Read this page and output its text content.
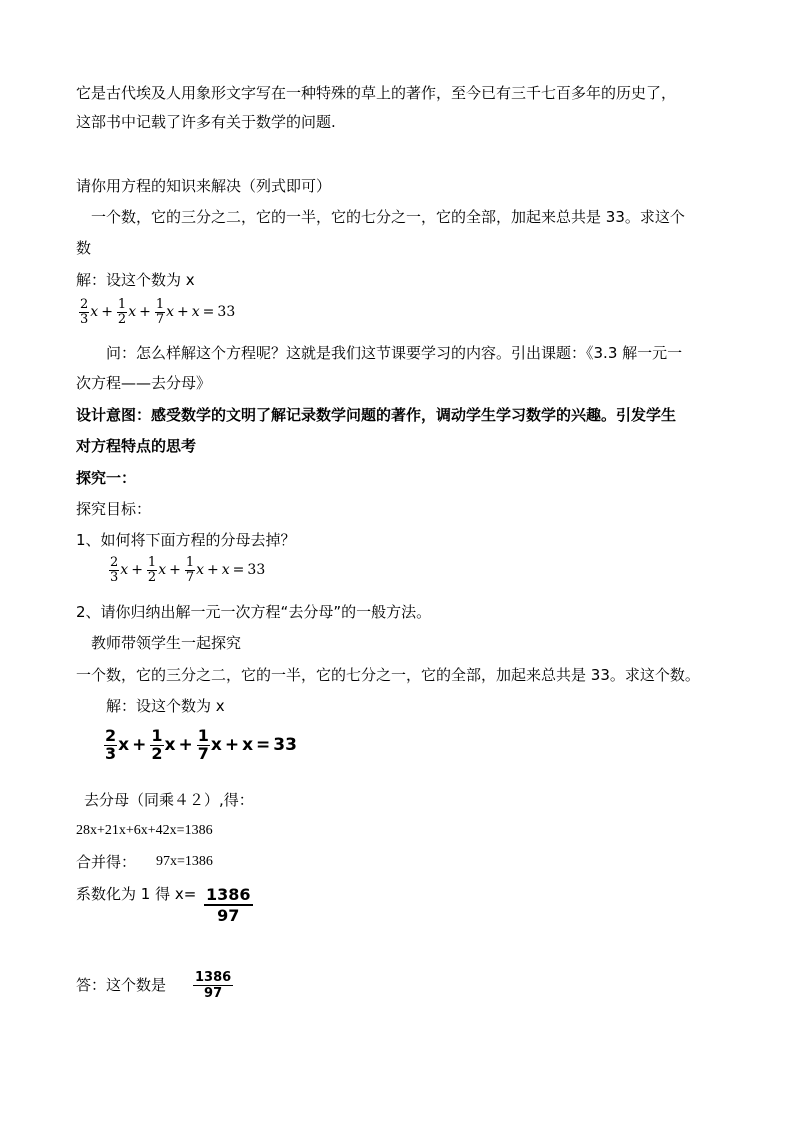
它是古代埃及人用象形文字写在一种特殊的草上的著作，至今已有三千七百多年的历史了，
这部书中记载了许多有关于数学的问题.
请你用方程的知识来解决（列式即可）
一个数，它的三分之二，它的一半，它的七分之一，它的全部，加起来总共是 33。求这个
数
解：设这个数为 x
$\frac{2}{3}$ $x + \frac{1}{2}$ $x + \frac{1}{7}$ x + x = 33
问：怎么样解这个方程呢？这就是我们这节课要学习的内容。引出课题：《3.3 解一元一
次方程——去分母》
设计意图：感受数学的文明了解记录数学问题的著作，调动学生学习数学的兴趣。引发学生
对方程特点的思考
探究一：
探究目标：
1、如何将下面方程的分母去掉？
$\frac{2}{3}$ $x + \frac{1}{2}$ $x + \frac{1}{7}$ x + x = 33
2、请你归纳出解一元一次方程“去分母”的一般方法。
教师带领学生一起探究
一个数，它的三分之二，它的一半，它的七分之一，它的全部，加起来总共是 33。求这个数。
解：设这个数为 x
$\frac{2}{3}$ $x + \frac{1}{2}$ $x + \frac{1}{7}$ x + x = 33
去分母（同乘４２）,得：
28x+21x+6x+42x=1386
合并得： 97x=1386
系数化为 1 得 x= 1386
97
答：这个数是 1386
97
